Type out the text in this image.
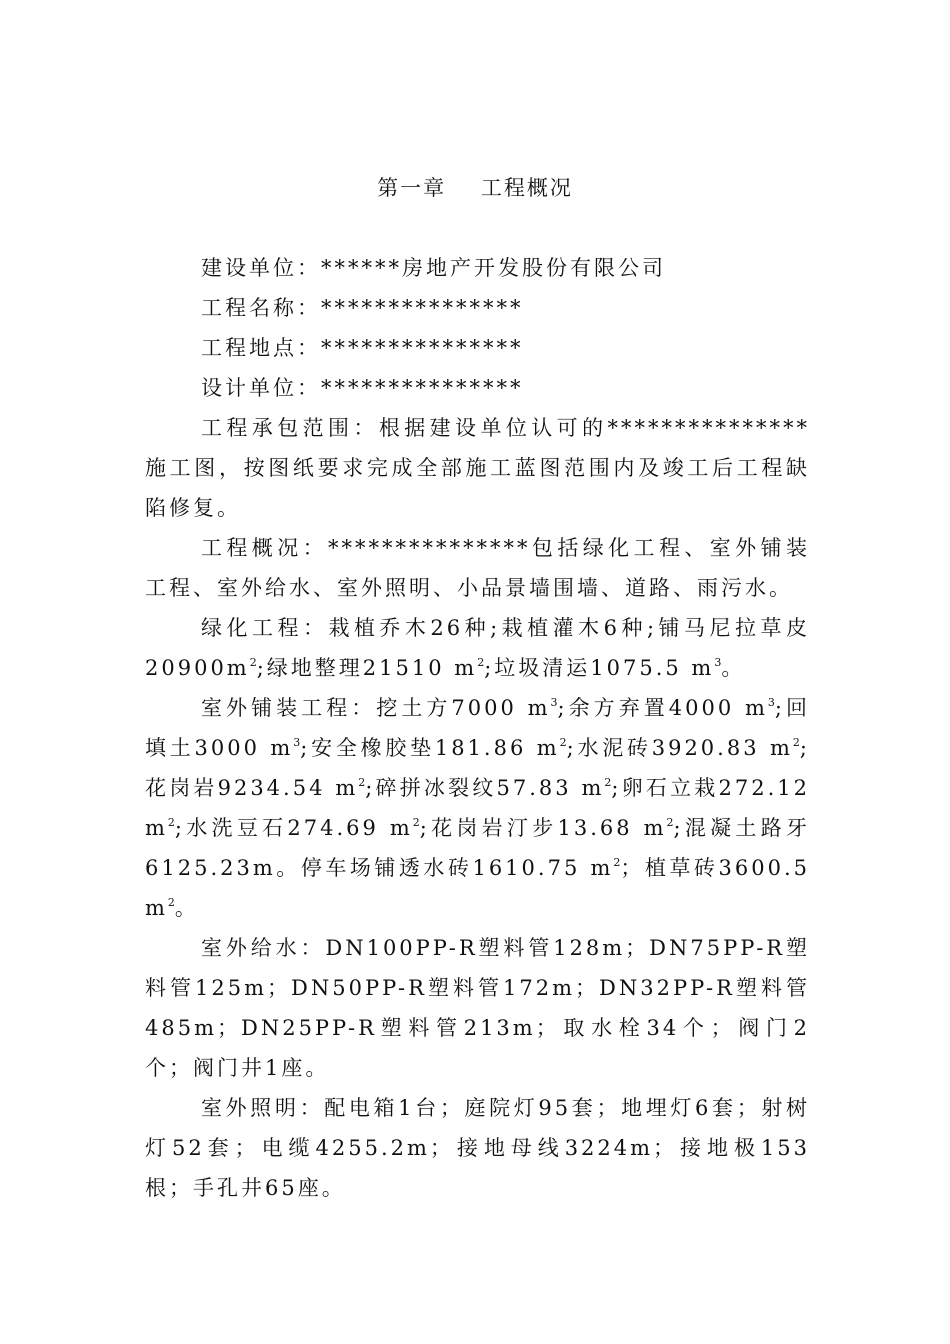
第一章    工程概况
建设单位：******房地产开发股份有限公司
工程名称：***************
工程地点：***************
设计单位：***************

工程承包范围：根据建设单位认可的***************施工图，按图纸要求完成全部施工蓝图范围内及竣工后工程缺陷修复。

工程概况：***************包括绿化工程、室外铺装工程、室外给水、室外照明、小品景墙围墙、道路、雨污水。

绿化工程：栽植乔木26种;栽植灌木6种;铺马尼拉草皮$20900m^2$;绿地整理21510 $m^2$;垃圾清运1075.5 $m^3$。

室外铺装工程：挖土方7000 $m^3$;余方弃置4000 $m^3$;回填土3000 $m^3$;安全橡胶垫181.86 $m^2$;水泥砖3920.83 $m^2$;花岗岩9234.54 $m^2$;碎拼冰裂纹57.83 $m^2$;卵石立栽272.12 $m^2$;水洗豆石274.69 $m^2$;花岗岩汀步13.68 $m^2$;混凝土路牙6125.23m。停车场铺透水砖1610.75 $m^2$；植草砖3600.5 $m^2$。

室外给水：DN100PP-R塑料管128m；DN75PP-R塑料管125m；DN50PP-R塑料管172m；DN32PP-R塑料管485m；DN25PP-R塑料管213m；取水栓34个；阀门2个；阀门井1座。

室外照明：配电箱1台；庭院灯95套；地埋灯6套；射树灯52套；电缆4255.2m；接地母线3224m；接地极153根；手孔井65座。
